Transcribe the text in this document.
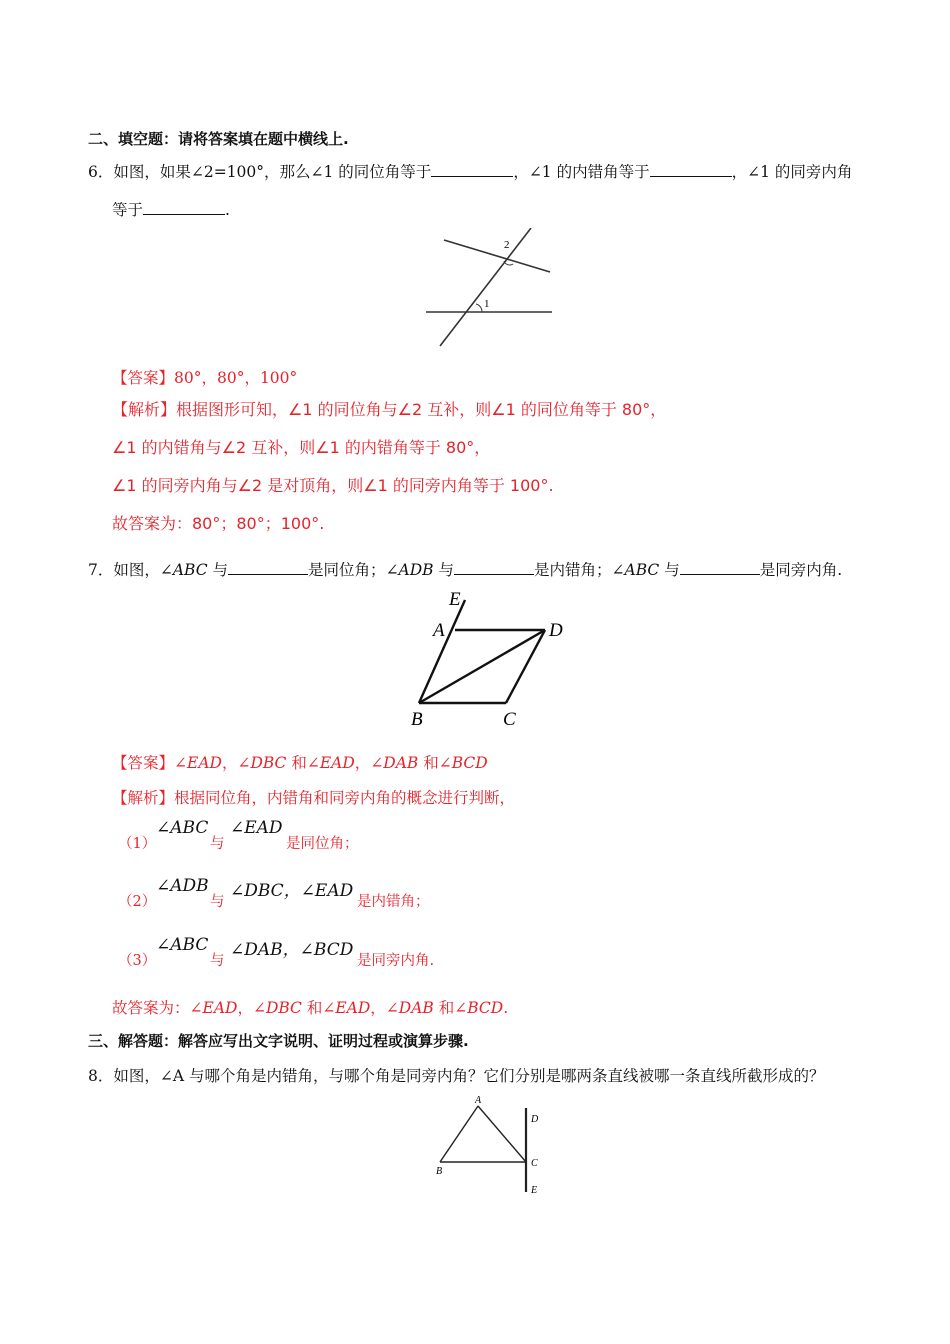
二、填空题：请将答案填在题中横线上.
6．如图，如果∠2=100°，那么∠1 的同位角等于	，∠1 的内错角等于	，∠1 的同旁内角
等于	.
1
2
【答案】80°，80°，100°
【解析】根据图形可知，∠1 的同位角与∠2 互补，则∠1 的同位角等于 80°，
∠1 的内错角与∠2 互补，则∠1 的内错角等于 80°，
∠1 的同旁内角与∠2 是对顶角，则∠1 的同旁内角等于 100°.
故答案为：80°；80°；100°.
7．如图，∠ABC 与	是同位角；∠ADB 与	是内错角；∠ABC 与	是同旁内角.
E
A	D
B	C
【答案】∠EAD，∠DBC 和∠EAD，∠DAB 和∠BCD
【解析】根据同位角，内错角和同旁内角的概念进行判断，
（1）
∠ABC
与
∠EAD
是同位角；
（2）
∠ADB
与
∠DBC，∠EAD
是内错角；
（3）
∠ABC
与
∠DAB，∠BCD
是同旁内角.
故答案为：∠EAD，∠DBC 和∠EAD，∠DAB 和∠BCD.
三、解答题：解答应写出文字说明、证明过程或演算步骤.
8．如图，∠A 与哪个角是内错角，与哪个角是同旁内角？它们分别是哪两条直线被哪一条直线所截形成的？
A
B
C
D
E
